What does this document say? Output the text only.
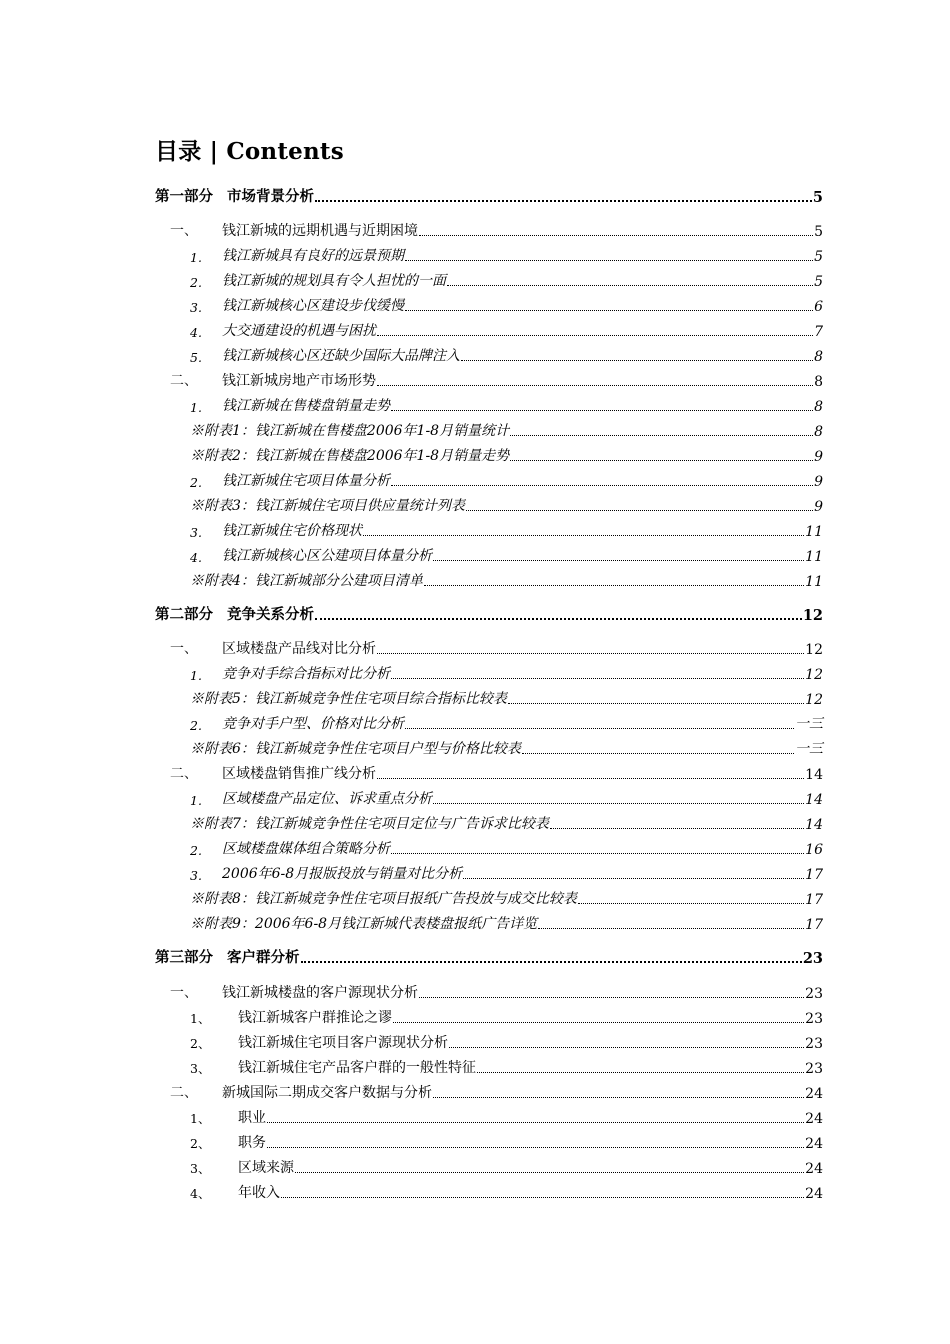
目录 | Contents
第一部分 市场背景分析	5
一、	钱江新城的远期机遇与近期困境	5
1.	钱江新城具有良好的远景预期	5
2.	钱江新城的规划具有令人担忧的一面	5
3.	钱江新城核心区建设步伐缓慢	6
4.	大交通建设的机遇与困扰	7
5.	钱江新城核心区还缺少国际大品牌注入	8
二、	钱江新城房地产市场形势	8
1.	钱江新城在售楼盘销量走势	8
※附表1：钱江新城在售楼盘2006年1-8月销量统计	8
※附表2：钱江新城在售楼盘2006年1-8月销量走势	9
2.	钱江新城住宅项目体量分析	9
※附表3：钱江新城住宅项目供应量统计列表	9
3.	钱江新城住宅价格现状	11
4.	钱江新城核心区公建项目体量分析	11
※附表4：钱江新城部分公建项目清单	11
第二部分 竞争关系分析	12
一、	区域楼盘产品线对比分析	12
1.	竞争对手综合指标对比分析	12
※附表5：钱江新城竞争性住宅项目综合指标比较表	12
2.	竞争对手户型、价格对比分析	一三
※附表6：钱江新城竞争性住宅项目户型与价格比较表	一三
二、	区域楼盘销售推广线分析	14
1.	区域楼盘产品定位、诉求重点分析	14
※附表7：钱江新城竞争性住宅项目定位与广告诉求比较表	14
2.	区域楼盘媒体组合策略分析	16
3.	2006年6-8月报版投放与销量对比分析	17
※附表8：钱江新城竞争性住宅项目报纸广告投放与成交比较表	17
※附表9：2006年6-8月钱江新城代表楼盘报纸广告详览	17
第三部分 客户群分析	23
一、	钱江新城楼盘的客户源现状分析	23
1、	钱江新城客户群推论之谬	23
2、	钱江新城住宅项目客户源现状分析	23
3、	钱江新城住宅产品客户群的一般性特征	23
二、	新城国际二期成交客户数据与分析	24
1、	职业	24
2、	职务	24
3、	区域来源	24
4、	年收入	24
